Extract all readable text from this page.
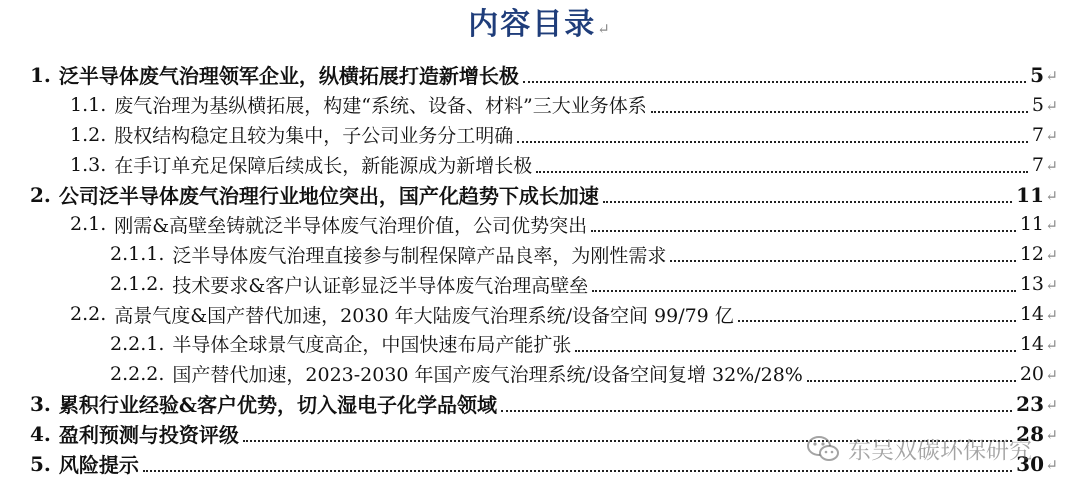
内容目录↵
1. 泛半导体废气治理领军企业，纵横拓展打造新增长极	5 ↵
1.1. 废气治理为基纵横拓展，构建“系统、设备、材料”三大业务体系	5 ↵
1.2. 股权结构稳定且较为集中，子公司业务分工明确	7 ↵
1.3. 在手订单充足保障后续成长，新能源成为新增长极	7 ↵
2. 公司泛半导体废气治理行业地位突出，国产化趋势下成长加速	11 ↵
2.1. 刚需&高壁垒铸就泛半导体废气治理价值，公司优势突出	11 ↵
2.1.1. 泛半导体废气治理直接参与制程保障产品良率，为刚性需求	12 ↵
2.1.2. 技术要求&客户认证彰显泛半导体废气治理高壁垒	13 ↵
2.2. 高景气度&国产替代加速，2030 年大陆废气治理系统/设备空间 99/79 亿	14 ↵
2.2.1. 半导体全球景气度高企，中国快速布局产能扩张	14 ↵
2.2.2. 国产替代加速，2023-2030 年国产废气治理系统/设备空间复增 32%/28%	20 ↵
3. 累积行业经验&客户优势，切入湿电子化学品领域	23 ↵
4. 盈利预测与投资评级	28 ↵
5. 风险提示	30 ↵
东吴双碳环保研究
